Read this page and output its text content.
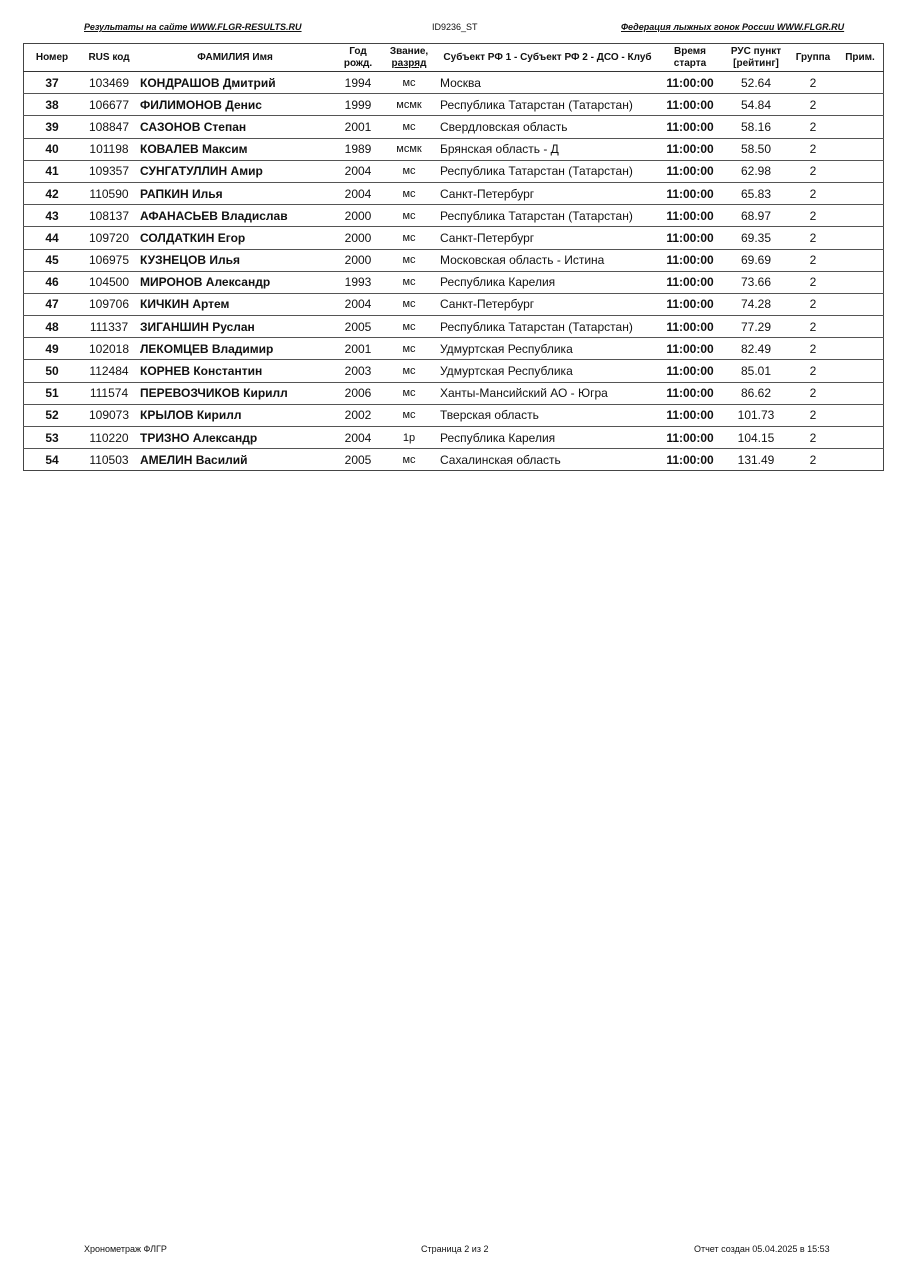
Результаты на сайте WWW.FLGR-RESULTS.RU	ID9236_ST	Федерация лыжных гонок России WWW.FLGR.RU
Номер	RUS код	ФАМИЛИЯ Имя	Год рожд.	Звание,
разряд	Субъект РФ 1 - Субъект РФ 2 - ДСО - Клуб	Время
старта	РУС пункт
[рейтинг]	Группа	Прим.
37	103469	КОНДРАШОВ Дмитрий	1994	мс	Москва	11:00:00	52.64	2	
38	106677	ФИЛИМОНОВ Денис	1999	мсмк	Республика Татарстан (Татарстан)	11:00:00	54.84	2	
39	108847	САЗОНОВ Степан	2001	мс	Свердловская область	11:00:00	58.16	2	
40	101198	КОВАЛЕВ Максим	1989	мсмк	Брянская область - Д	11:00:00	58.50	2	
41	109357	СУНГАТУЛЛИН Амир	2004	мс	Республика Татарстан (Татарстан)	11:00:00	62.98	2	
42	110590	РАПКИН Илья	2004	мс	Санкт-Петербург	11:00:00	65.83	2	
43	108137	АФАНАСЬЕВ Владислав	2000	мс	Республика Татарстан (Татарстан)	11:00:00	68.97	2	
44	109720	СОЛДАТКИН Егор	2000	мс	Санкт-Петербург	11:00:00	69.35	2	
45	106975	КУЗНЕЦОВ Илья	2000	мс	Московская область - Истина	11:00:00	69.69	2	
46	104500	МИРОНОВ Александр	1993	мс	Республика Карелия	11:00:00	73.66	2	
47	109706	КИЧКИН Артем	2004	мс	Санкт-Петербург	11:00:00	74.28	2	
48	111337	ЗИГАНШИН Руслан	2005	мс	Республика Татарстан (Татарстан)	11:00:00	77.29	2	
49	102018	ЛЕКОМЦЕВ Владимир	2001	мс	Удмуртская Республика	11:00:00	82.49	2	
50	112484	КОРНЕВ Константин	2003	мс	Удмуртская Республика	11:00:00	85.01	2	
51	111574	ПЕРЕВОЗЧИКОВ Кирилл	2006	мс	Ханты-Мансийский АО - Югра	11:00:00	86.62	2	
52	109073	КРЫЛОВ Кирилл	2002	мс	Тверская область	11:00:00	101.73	2	
53	110220	ТРИЗНО Александр	2004	1р	Республика Карелия	11:00:00	104.15	2	
54	110503	АМЕЛИН Василий	2005	мс	Сахалинская область	11:00:00	131.49	2	
Хронометраж ФЛГР	Страница 2 из 2	Отчет создан 05.04.2025 в 15:53
